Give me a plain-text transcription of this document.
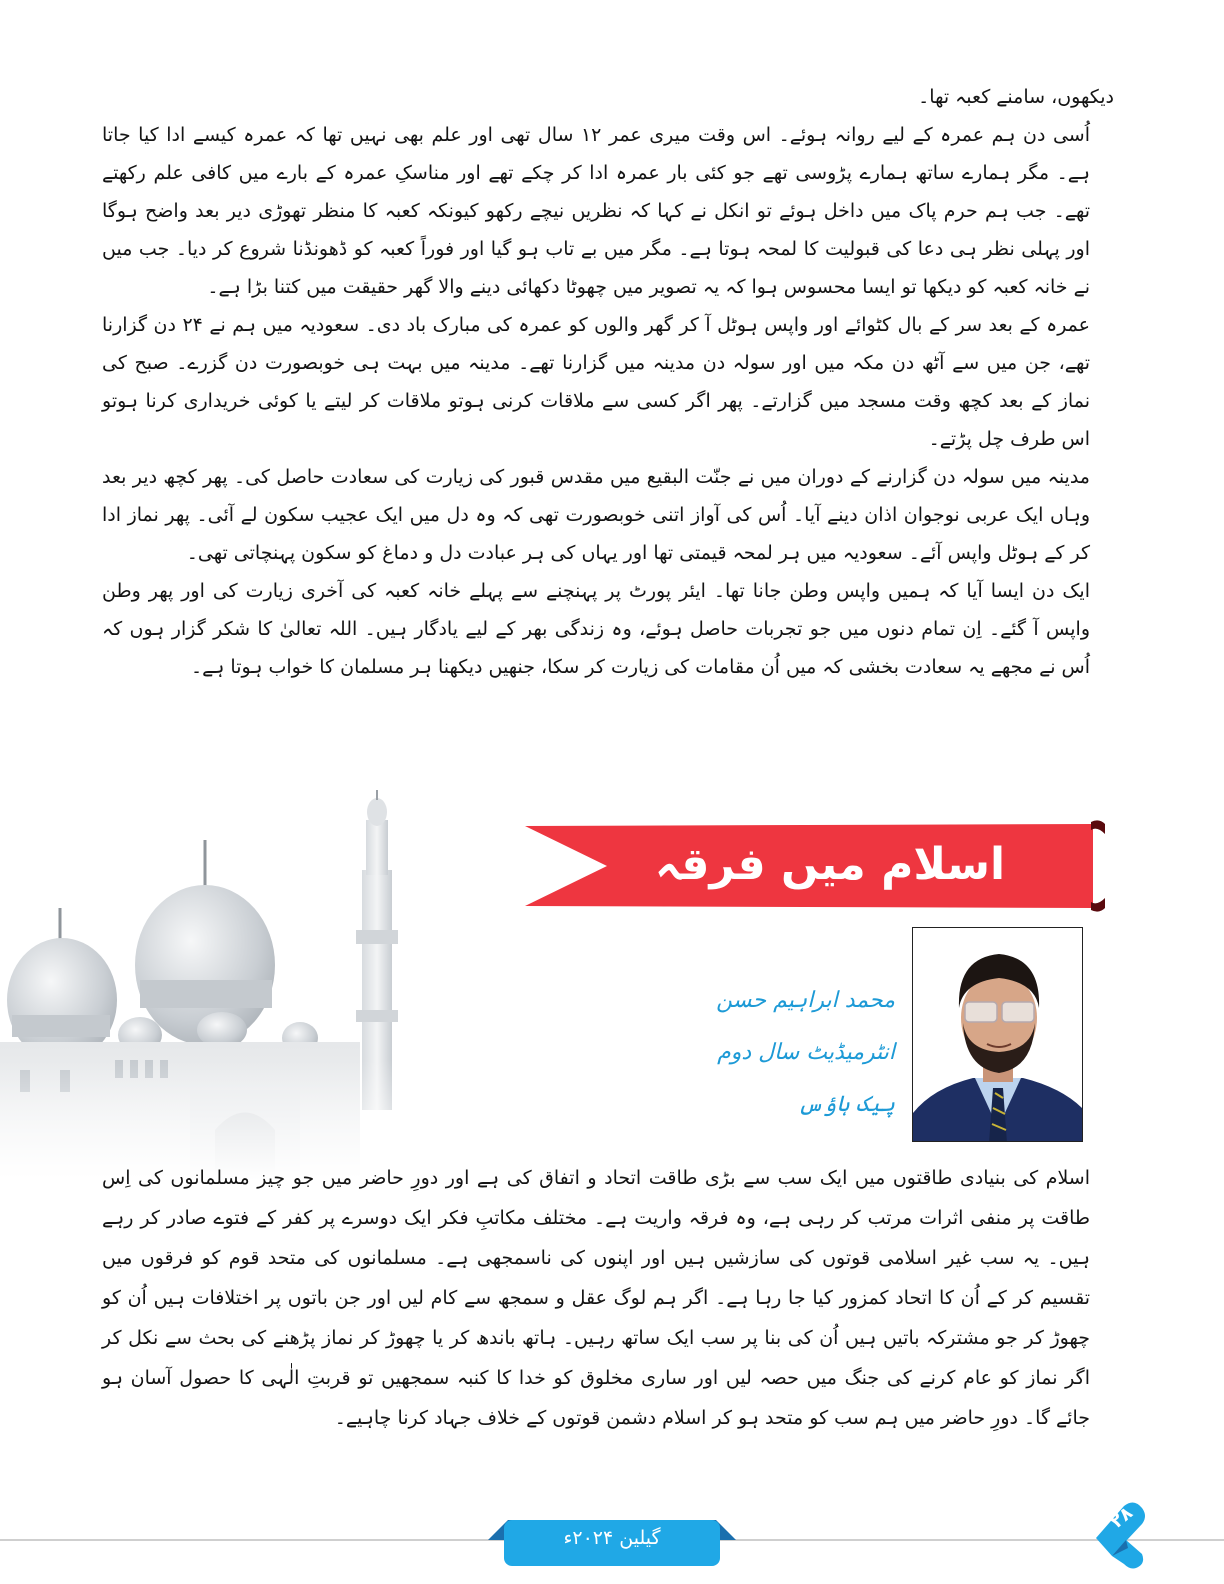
دیکھوں، سامنے کعبہ تھا۔

اُسی دن ہم عمرہ کے لیے روانہ ہوئے۔ اس وقت میری عمر ۱۲ سال تھی اور علم بھی نہیں تھا کہ عمرہ کیسے ادا کیا جاتا ہے۔ مگر ہمارے ساتھ ہمارے پڑوسی تھے جو کئی بار عمرہ ادا کر چکے تھے اور مناسکِ عمرہ کے بارے میں کافی علم رکھتے تھے۔ جب ہم حرم پاک میں داخل ہوئے تو انکل نے کہا کہ نظریں نیچے رکھو کیونکہ کعبہ کا منظر تھوڑی دیر بعد واضح ہوگا اور پہلی نظر ہی دعا کی قبولیت کا لمحہ ہوتا ہے۔ مگر میں بے تاب ہو گیا اور فوراً کعبہ کو ڈھونڈنا شروع کر دیا۔ جب میں نے خانہ کعبہ کو دیکھا تو ایسا محسوس ہوا کہ یہ تصویر میں چھوٹا دکھائی دینے والا گھر حقیقت میں کتنا بڑا ہے۔

عمرہ کے بعد سر کے بال کٹوائے اور واپس ہوٹل آ کر گھر والوں کو عمرہ کی مبارک باد دی۔ سعودیہ میں ہم نے ۲۴ دن گزارنا تھے، جن میں سے آٹھ دن مکہ میں اور سولہ دن مدینہ میں گزارنا تھے۔ مدینہ میں بہت ہی خوبصورت دن گزرے۔ صبح کی نماز کے بعد کچھ وقت مسجد میں گزارتے۔ پھر اگر کسی سے ملاقات کرنی ہوتو ملاقات کر لیتے یا کوئی خریداری کرنا ہوتو اس طرف چل پڑتے۔

مدینہ میں سولہ دن گزارنے کے دوران میں نے جنّت البقیع میں مقدس قبور کی زیارت کی سعادت حاصل کی۔ پھر کچھ دیر بعد وہاں ایک عربی نوجوان اذان دینے آیا۔ اُس کی آواز اتنی خوبصورت تھی کہ وہ دل میں ایک عجیب سکون لے آئی۔ پھر نماز ادا کر کے ہوٹل واپس آئے۔ سعودیہ میں ہر لمحہ قیمتی تھا اور یہاں کی ہر عبادت دل و دماغ کو سکون پہنچاتی تھی۔

ایک دن ایسا آیا کہ ہمیں واپس وطن جانا تھا۔ ایئر پورٹ پر پہنچنے سے پہلے خانہ کعبہ کی آخری زیارت کی اور پھر وطن واپس آ گئے۔ اِن تمام دنوں میں جو تجربات حاصل ہوئے، وہ زندگی بھر کے لیے یادگار ہیں۔ اللہ تعالیٰ کا شکر گزار ہوں کہ اُس نے مجھے یہ سعادت بخشی کہ میں اُن مقامات کی زیارت کر سکا، جنھیں دیکھنا ہر مسلمان کا خواب ہوتا ہے۔

اسلام میں فرقہ واریت
محمد ابراہیم حسن
انٹرمیڈیٹ سال دوم
پیک ہاؤس

اسلام کی بنیادی طاقتوں میں ایک سب سے بڑی طاقت اتحاد و اتفاق کی ہے اور دورِ حاضر میں جو چیز مسلمانوں کی اِس طاقت پر منفی اثرات مرتب کر رہی ہے، وہ فرقہ واریت ہے۔ مختلف مکاتبِ فکر ایک دوسرے پر کفر کے فتوے صادر کر رہے ہیں۔ یہ سب غیر اسلامی قوتوں کی سازشیں ہیں اور اپنوں کی ناسمجھی ہے۔ مسلمانوں کی متحد قوم کو فرقوں میں تقسیم کر کے اُن کا اتحاد کمزور کیا جا رہا ہے۔ اگر ہم لوگ عقل و سمجھ سے کام لیں اور جن باتوں پر اختلافات ہیں اُن کو چھوڑ کر جو مشترکہ باتیں ہیں اُن کی بنا پر سب ایک ساتھ رہیں۔ ہاتھ باندھ کر یا چھوڑ کر نماز پڑھنے کی بحث سے نکل کر اگر نماز کو عام کرنے کی جنگ میں حصہ لیں اور ساری مخلوق کو خدا کا کنبہ سمجھیں تو قربتِ الٰہی کا حصول آسان ہو جائے گا۔ دورِ حاضر میں ہم سب کو متحد ہو کر اسلام دشمن قوتوں کے خلاف جہاد کرنا چاہیے۔

گیلین ۲۰۲۴ء
۲۸
